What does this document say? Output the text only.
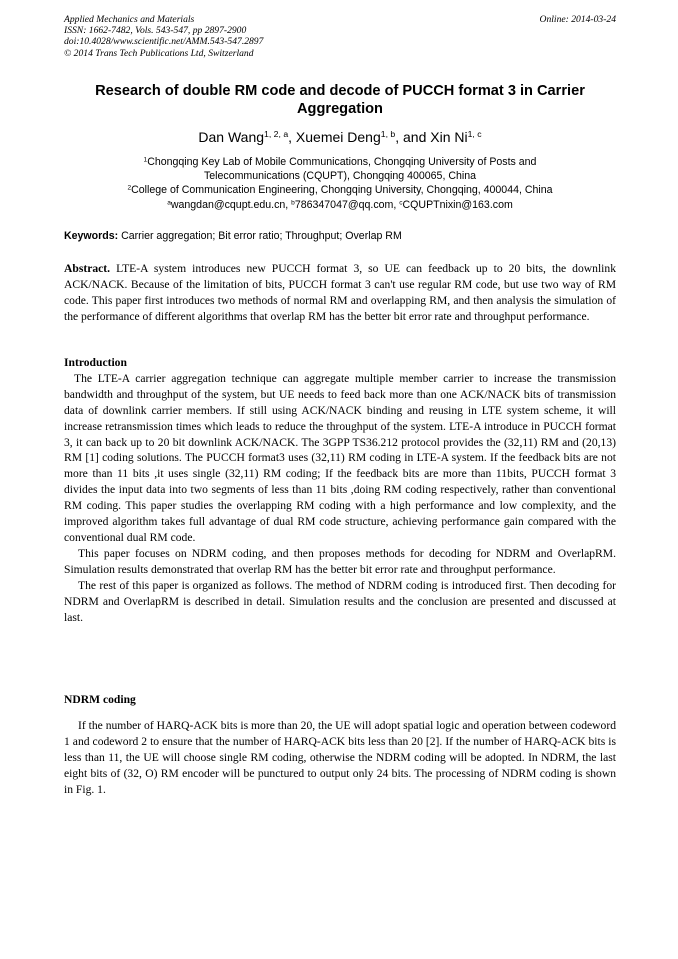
Applied Mechanics and Materials
ISSN: 1662-7482, Vols. 543-547, pp 2897-2900
doi:10.4028/www.scientific.net/AMM.543-547.2897
© 2014 Trans Tech Publications Ltd, Switzerland
Online: 2014-03-24
Research of double RM code and decode of PUCCH format 3 in Carrier Aggregation
Dan Wang$^{1, 2, a}$, Xuemei Deng$^{1, b}$, and Xin Ni$^{1, c}$
$^1$Chongqing Key Lab of Mobile Communications, Chongqing University of Posts and
Telecommunications (CQUPT), Chongqing 400065, China
$^2$College of Communication Engineering, Chongqing University, Chongqing, 400044, China
$^a$wangdan@cqupt.edu.cn, $^b$786347047@qq.com, $^c$CQUPTnixin@163.com
Keywords: Carrier aggregation; Bit error ratio; Throughput; Overlap RM
Abstract. LTE-A system introduces new PUCCH format 3, so UE can feedback up to 20 bits, the downlink ACK/NACK. Because of the limitation of bits, PUCCH format 3 can't use regular RM code, but use two way of RM code. This paper first introduces two methods of normal RM and overlapping RM, and then analysis the simulation of the performance of different algorithms that overlap RM has the better bit error rate and throughput performance.
Introduction

The LTE-A carrier aggregation technique can aggregate multiple member carrier to increase the transmission bandwidth and throughput of the system, but UE needs to feed back more than one ACK/NACK bits of transmission data of downlink carrier members. If still using ACK/NACK binding and reusing in LTE system scheme, it will increase retransmission times which leads to reduce the throughput of the system. LTE-A introduce in PUCCH format 3, it can back up to 20 bit downlink ACK/NACK. The 3GPP TS36.212 protocol provides the (32,11) RM and (20,13) RM [1] coding solutions. The PUCCH format3 uses (32,11) RM coding in LTE-A system. If the feedback bits are not more than 11 bits ,it uses single (32,11) RM coding; If the feedback bits are more than 11bits, PUCCH format 3 divides the input data into two segments of less than 11 bits ,doing RM coding respectively, rather than conventional RM coding. This paper studies the overlapping RM coding with a high performance and low complexity, and the improved algorithm takes full advantage of dual RM code structure, achieving performance gain compared with the conventional dual RM code.

This paper focuses on NDRM coding, and then proposes methods for decoding for NDRM and OverlapRM. Simulation results demonstrated that overlap RM has the better bit error rate and throughput performance.

The rest of this paper is organized as follows. The method of NDRM coding is introduced first. Then decoding for NDRM and OverlapRM is described in detail. Simulation results and the conclusion are presented and discussed at last.

NDRM coding

If the number of HARQ-ACK bits is more than 20, the UE will adopt spatial logic and operation between codeword 1 and codeword 2 to ensure that the number of HARQ-ACK bits less than 20 [2]. If the number of HARQ-ACK bits is less than 11, the UE will choose single RM coding, otherwise the NDRM coding will be adopted. In NDRM, the last eight bits of (32, O) RM encoder will be punctured to output only 24 bits. The processing of NDRM coding is shown in Fig. 1.
